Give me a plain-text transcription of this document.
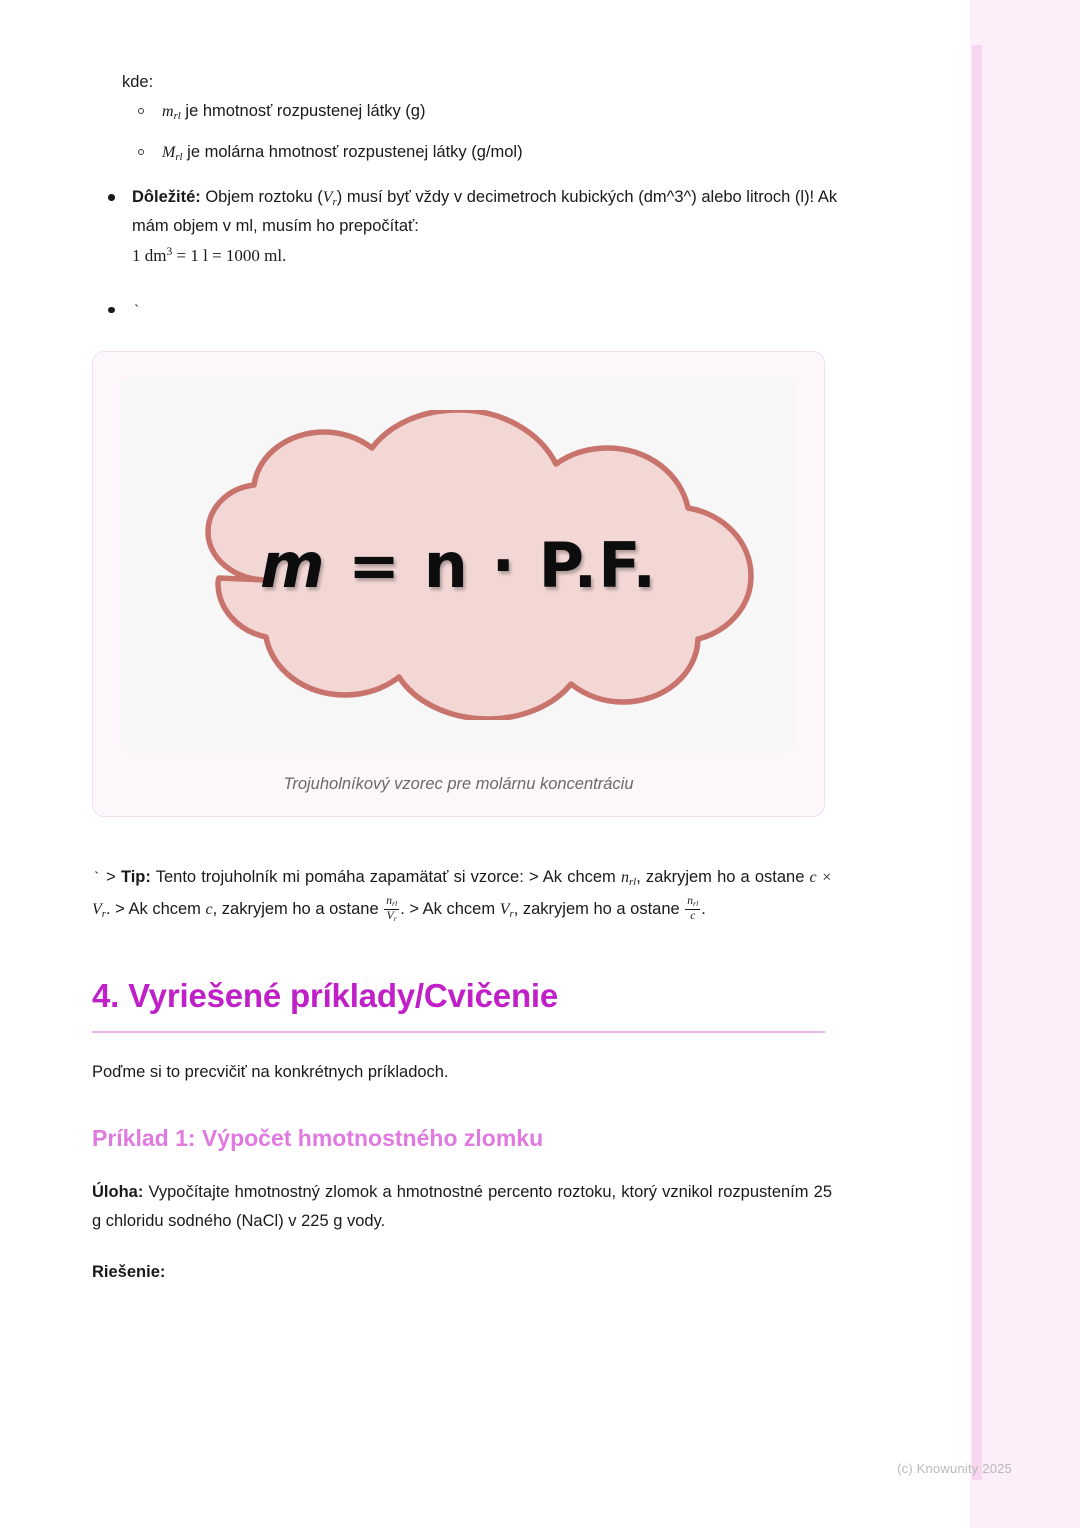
kde:
$m_{rl}$ je hmotnosť rozpustenej látky (g)
$M_{rl}$ je molárna hmotnosť rozpustenej látky (g/mol)
Dôležité: Objem roztoku $(V_r)$ musí byť vždy v decimetroch kubických (dm^3^) alebo litroch (l)! Ak mám objem v ml, musím ho prepočítať:
1 $dm^3 = 1$ l = 1000 ml.
`
m
=
n
·
P.F.
Trojuholníkový vzorec pre molárnu koncentráciu

` > Tip: Tento trojuholník mi pomáha zapamätať si vzorce: > Ak chcem $n_{rl}$, zakryjem ho a ostane $c \times V_r$. > Ak chcem c, zakryjem ho a ostane $\frac{n_{rl}}{V_r}$ . > Ak chcem $V_r$, zakryjem ho a ostane $\frac{n_{rl}}{c}$ .

4. Vyriešené príklady/Cvičenie

Poďme si to precvičiť na konkrétnych príkladoch.

Príklad 1: Výpočet hmotnostného zlomku

Úloha: Vypočítajte hmotnostný zlomok a hmotnostné percento roztoku, ktorý vznikol rozpustením 25 g chloridu sodného (NaCl) v 225 g vody.

Riešenie:

(c) Knowunity 2025
